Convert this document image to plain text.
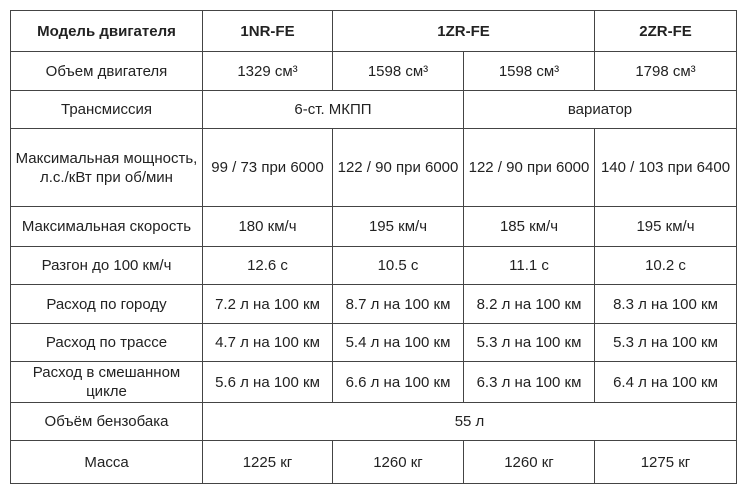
Модель двигателя	1NR-FE	1ZR-FE		2ZR-FE
Объем двигателя	1329 см³	1598 см³	1598 см³	1798 см³
Трансмиссия	6-ст. МКПП		вариатор	
Максимальная мощность, л.с./кВт при об/мин	99 / 73 при 6000	122 / 90 при 6000	122 / 90 при 6000	140 / 103 при 6400
Максимальная скорость	180 км/ч	195 км/ч	185 км/ч	195 км/ч
Разгон до 100 км/ч	12.6 с	10.5 с	11.1 с	10.2 с
Расход по городу	7.2 л на 100 км	8.7 л на 100 км	8.2 л на 100 км	8.3 л на 100 км
Расход по трассе	4.7 л на 100 км	5.4 л на 100 км	5.3 л на 100 км	5.3 л на 100 км
Расход в смешанном цикле	5.6 л на 100 км	6.6 л на 100 км	6.3 л на 100 км	6.4 л на 100 км
Объём бензобака	55 л			
Масса	1225 кг	1260 кг	1260 кг	1275 кг
